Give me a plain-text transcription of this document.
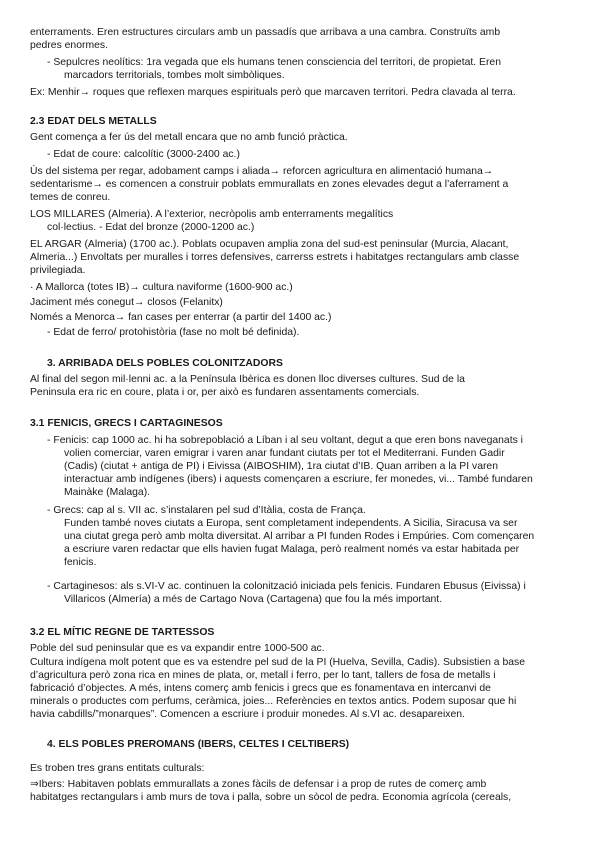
enterraments. Eren estructures circulars amb un passadís que arribava a una cambra. Construïts amb
pedres enormes.
- Sepulcres neolítics: 1ra vegada que els humans tenen consciencia del territori, de propietat. Eren
marcadors territorials, tombes molt simbòliques.
Ex: Menhir→ roques que reflexen marques espirituals però que marcaven territori. Pedra clavada al terra.
2.3 EDAT DELS METALLS
Gent comença a fer ús del metall encara que no amb funció pràctica.
- Edat de coure: calcolític (3000-2400 ac.)
Ús del sistema per regar, adobament camps i aliada→ reforcen agricultura en alimentació humana→
sedentarisme→ es comencen a construir poblats emmurallats en zones elevades degut a l’aferrament a
temes de conreu.
LOS MILLARES (Almeria). A l’exterior, necròpolis amb enterraments megalítics
col·lectius. - Edat del bronze (2000-1200 ac.)
EL ARGAR (Almeria) (1700 ac.). Poblats ocupaven amplia zona del sud-est peninsular (Murcia, Alacant,
Almeria...) Envoltats per muralles i torres defensives, carrerss estrets i habitatges rectangulars amb classe
privilegiada.
· A Mallorca (totes IB)→ cultura naviforme (1600-900 ac.)
Jaciment més conegut→ closos (Felanitx)
Només a Menorca→ fan cases per enterrar (a partir del 1400 ac.)
- Edat de ferro/ protohistòria (fase no molt bé definida).
3. ARRIBADA DELS POBLES COLONITZADORS
Al final del segon mil·lenni ac. a la Península Ibèrica es donen lloc diverses cultures. Sud de la
Peninsula era ric en coure, plata i or, per això es fundaren assentaments comercials.
3.1 FENICIS, GRECS I CARTAGINESOS
- Fenicis: cap 1000 ac. hi ha sobrepoblació a Líban i al seu voltant, degut a que eren bons naveganats i
volien comerciar, varen emigrar i varen anar fundant ciutats per tot el Mediterrani. Funden Gadir
(Cadis) (ciutat + antiga de PI) i Eivissa (AIBOSHIM), 1ra ciutat d’IB. Quan arriben a la PI varen
interactuar amb indígenes (ibers) i aquests començaren a escriure, fer monedes, vi... També fundaren
Mainàke (Malaga).
- Grecs: cap al s. VII ac. s’instalaren pel sud d’Itàlia, costa de França.
Funden també noves ciutats a Europa, sent completament independents. A Sicilia, Siracusa va ser
una ciutat grega però amb molta diversitat. Al arribar a PI funden Rodes i Empúries. Com començaren
a escriure varen redactar que ells havien fugat Malaga, però realment només va estar habitada per
fenicis.
- Cartaginesos: als s.VI-V ac. continuen la colonització iniciada pels fenicis. Fundaren Ebusus (Eivissa) i
Villaricos (Almería) a més de Cartago Nova (Cartagena) que fou la més important.
3.2 EL MÍTIC REGNE DE TARTESSOS
Poble del sud peninsular que es va expandir entre 1000-500 ac.
Cultura indígena molt potent que es va estendre pel sud de la PI (Huelva, Sevilla, Cadis). Subsistien a base
d’agricultura però zona rica en mines de plata, or, metall i ferro, per lo tant, tallers de fosa de metalls i
fabricació d’objectes. A més, intens comerç amb fenicis i grecs que es fonamentava en intercanvi de
minerals o productes com perfums, ceràmica, joies... Referències en textos antics. Podem suposar que hi
havia cabdills/”monarques”. Comencen a escriure i produir monedes. Al s.VI ac. desapareixen.
4. ELS POBLES PREROMANS (IBERS, CELTES I CELTIBERS)
Es troben tres grans entitats culturals:
⇒Ibers: Habitaven poblats emmurallats a zones fàcils de defensar i a prop de rutes de comerç amb
habitatges rectangulars i amb murs de tova i palla, sobre un sòcol de pedra. Economia agrícola (cereals,
